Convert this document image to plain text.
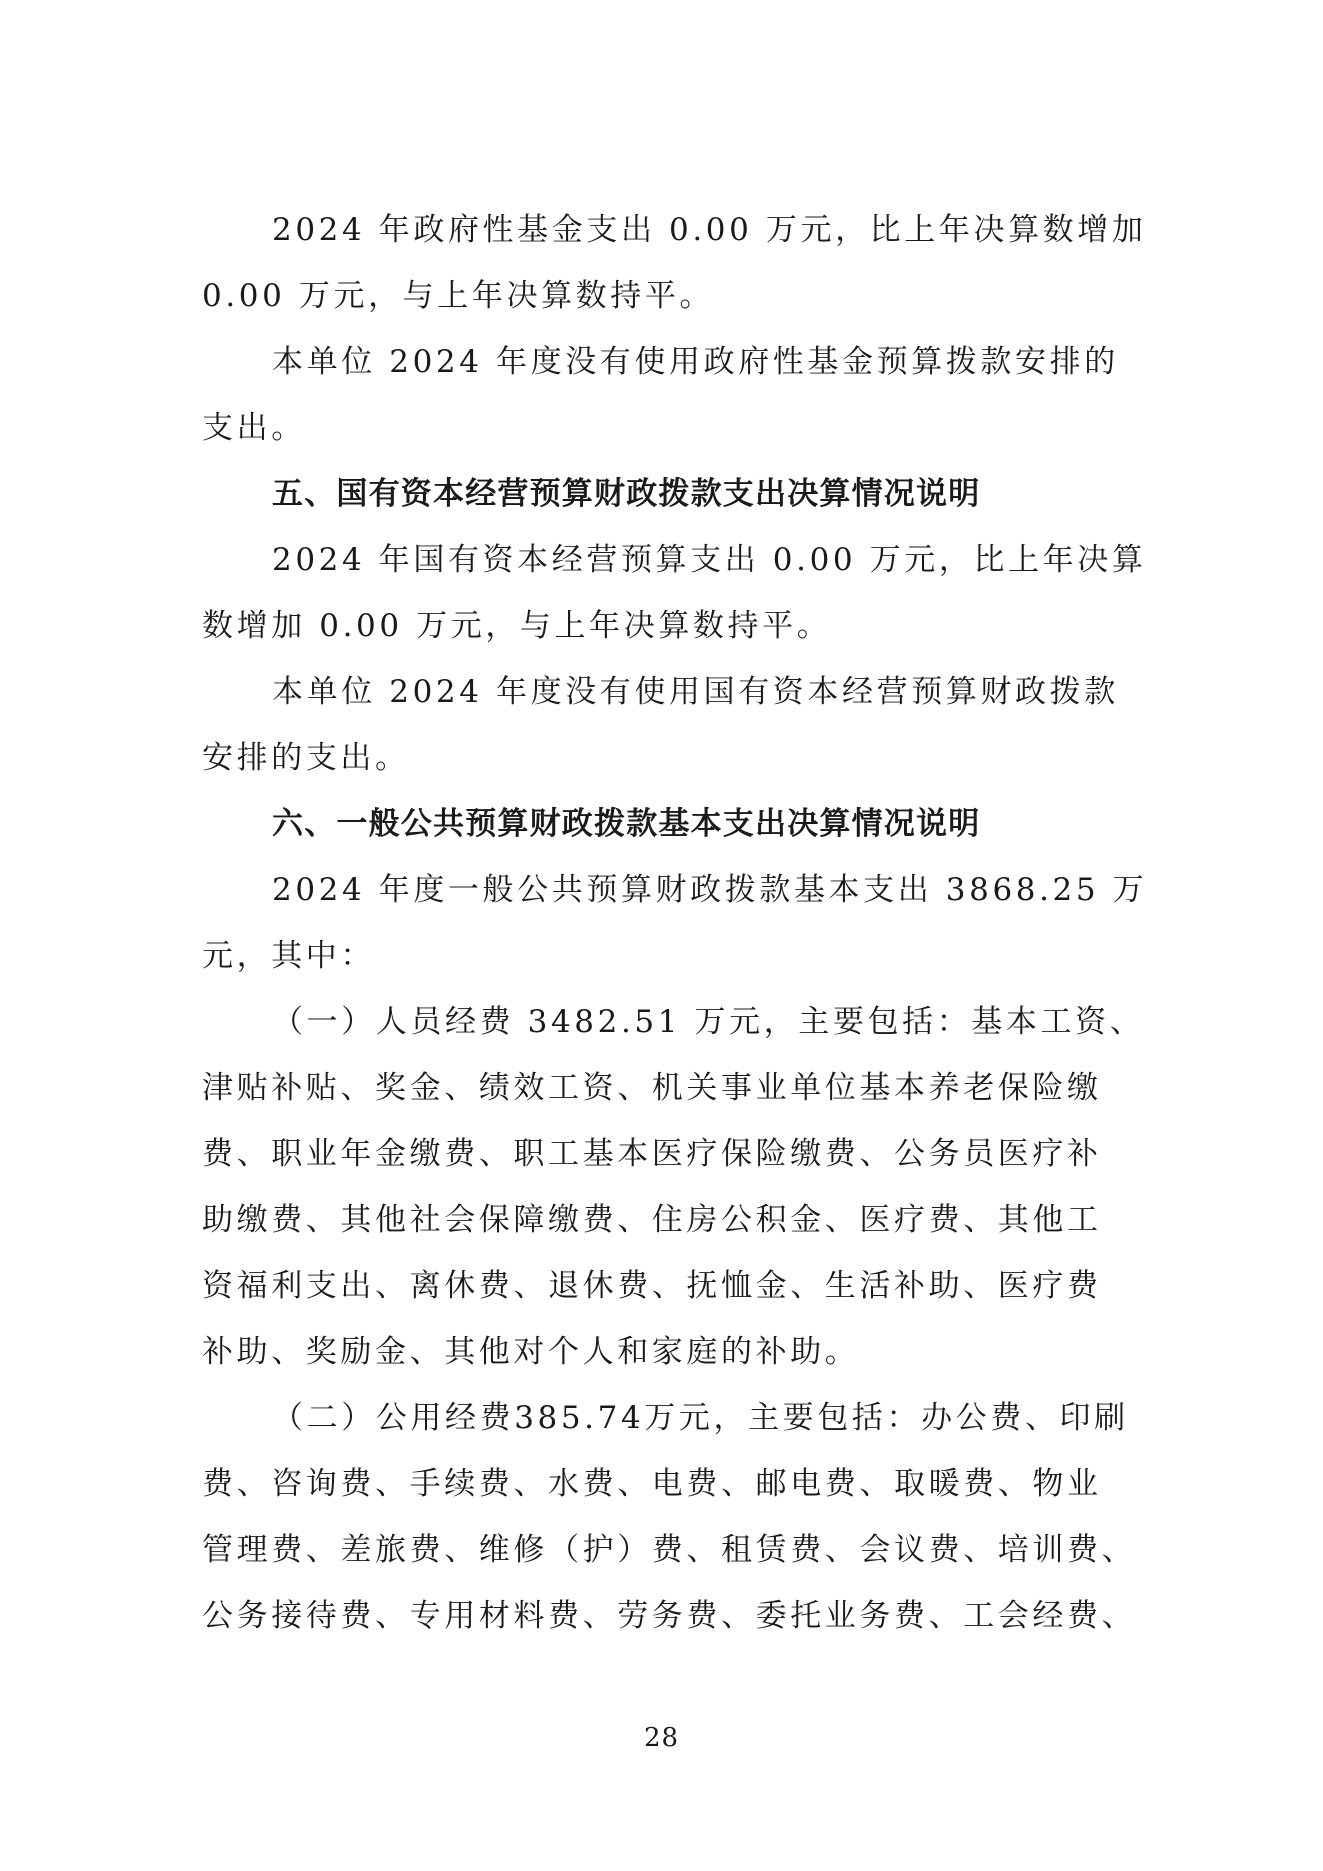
2024 年政府性基金支出 0.00 万元，比上年决算数增加
0.00 万元，与上年决算数持平。
本单位 2024 年度没有使用政府性基金预算拨款安排的
支出。
五、国有资本经营预算财政拨款支出决算情况说明
2024 年国有资本经营预算支出 0.00 万元，比上年决算
数增加 0.00 万元，与上年决算数持平。
本单位 2024 年度没有使用国有资本经营预算财政拨款
安排的支出。
六、一般公共预算财政拨款基本支出决算情况说明
2024 年度一般公共预算财政拨款基本支出 3868.25 万
元，其中：
（一）人员经费 3482.51 万元，主要包括：基本工资、
津贴补贴、奖金、绩效工资、机关事业单位基本养老保险缴
费、职业年金缴费、职工基本医疗保险缴费、公务员医疗补
助缴费、其他社会保障缴费、住房公积金、医疗费、其他工
资福利支出、离休费、退休费、抚恤金、生活补助、医疗费
补助、奖励金、其他对个人和家庭的补助。
（二）公用经费385.74万元，主要包括：办公费、印刷
费、咨询费、手续费、水费、电费、邮电费、取暖费、物业
管理费、差旅费、维修（护）费、租赁费、会议费、培训费、
公务接待费、专用材料费、劳务费、委托业务费、工会经费、
28
